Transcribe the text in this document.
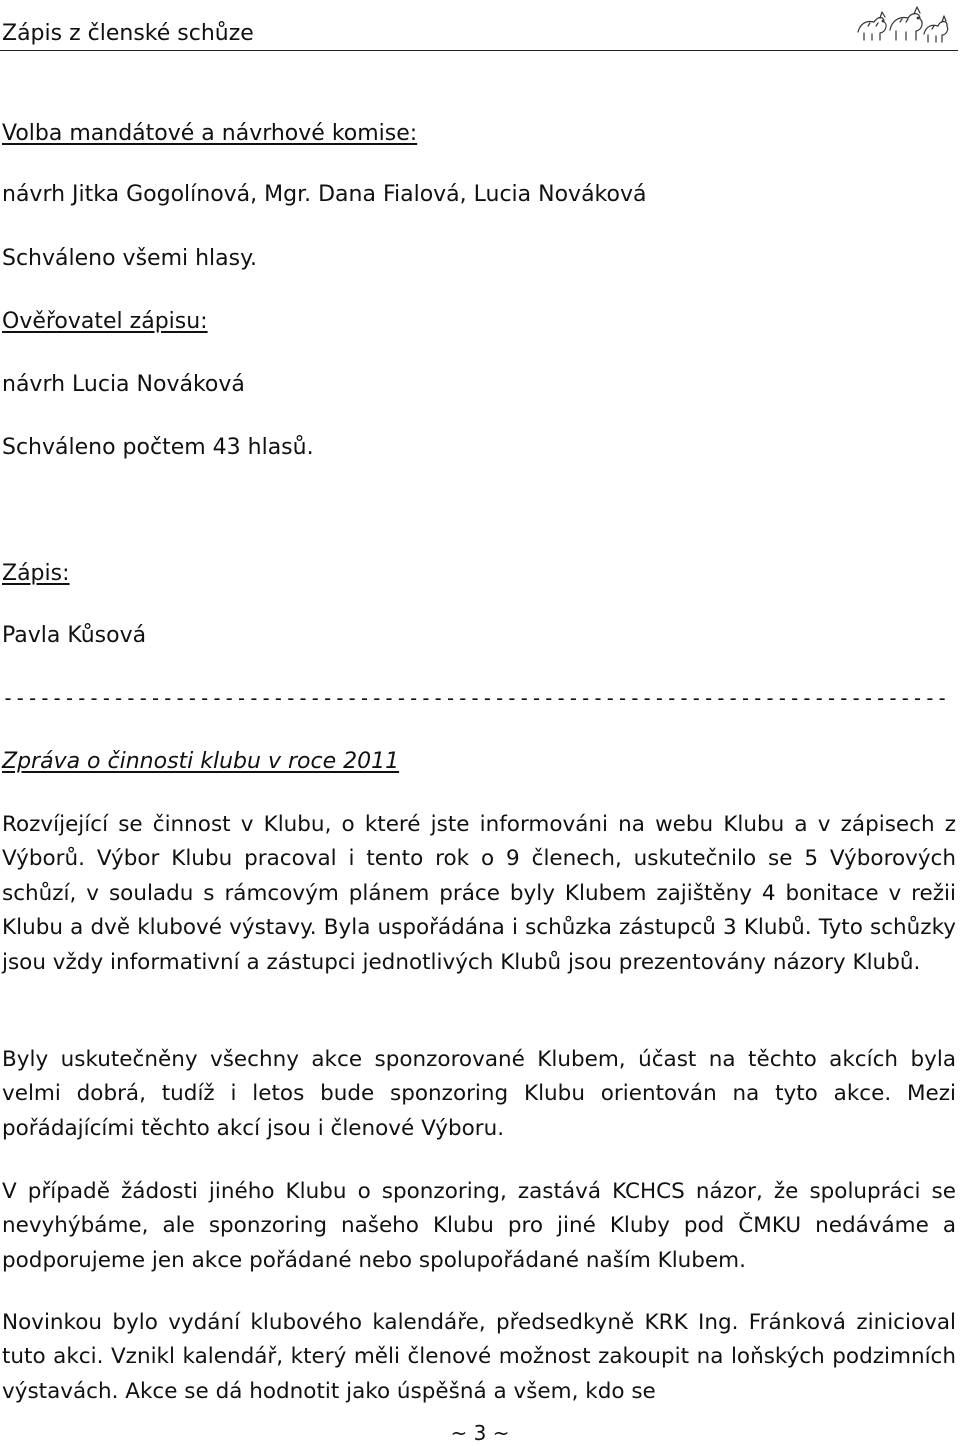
Zápis z členské schůze
Volba mandátové a návrhové komise:
návrh Jitka Gogolínová, Mgr. Dana Fialová, Lucia Nováková
Schváleno všemi hlasy.
Ověřovatel zápisu:
návrh Lucia Nováková
Schváleno počtem 43 hlasů.
Zápis:
Pavla Kůsová
-----------------------------------------------------------------------------
Zpráva o činnosti klubu v roce 2011

Rozvíjející se činnost v Klubu, o které jste informováni na webu Klubu a v zápisech z Výborů. Výbor Klubu pracoval i tento rok o 9 členech, uskutečnilo se 5 Výborových schůzí, v souladu s rámcovým plánem práce byly Klubem zajištěny 4 bonitace v režii Klubu a dvě klubové výstavy. Byla uspořádána i schůzka zástupců 3 Klubů. Tyto schůzky jsou vždy informativní a zástupci jednotlivých Klubů jsou prezentovány názory Klubů.

Byly uskutečněny všechny akce sponzorované Klubem, účast na těchto akcích byla velmi dobrá, tudíž i letos bude sponzoring Klubu orientován na tyto akce. Mezi pořádajícími těchto akcí jsou i členové Výboru.

V případě žádosti jiného Klubu o sponzoring, zastává KCHCS názor, že spolupráci se nevyhýbáme, ale sponzoring našeho Klubu pro jiné Kluby pod ČMKU nedáváme a podporujeme jen akce pořádané nebo spolupořádané naším Klubem.

Novinkou bylo vydání klubového kalendáře, předsedkyně KRK Ing. Fránková zinicioval tuto akci. Vznikl kalendář, který měli členové možnost zakoupit na loňských podzimních výstavách. Akce se dá hodnotit jako úspěšná a všem, kdo se

~ 3 ~
